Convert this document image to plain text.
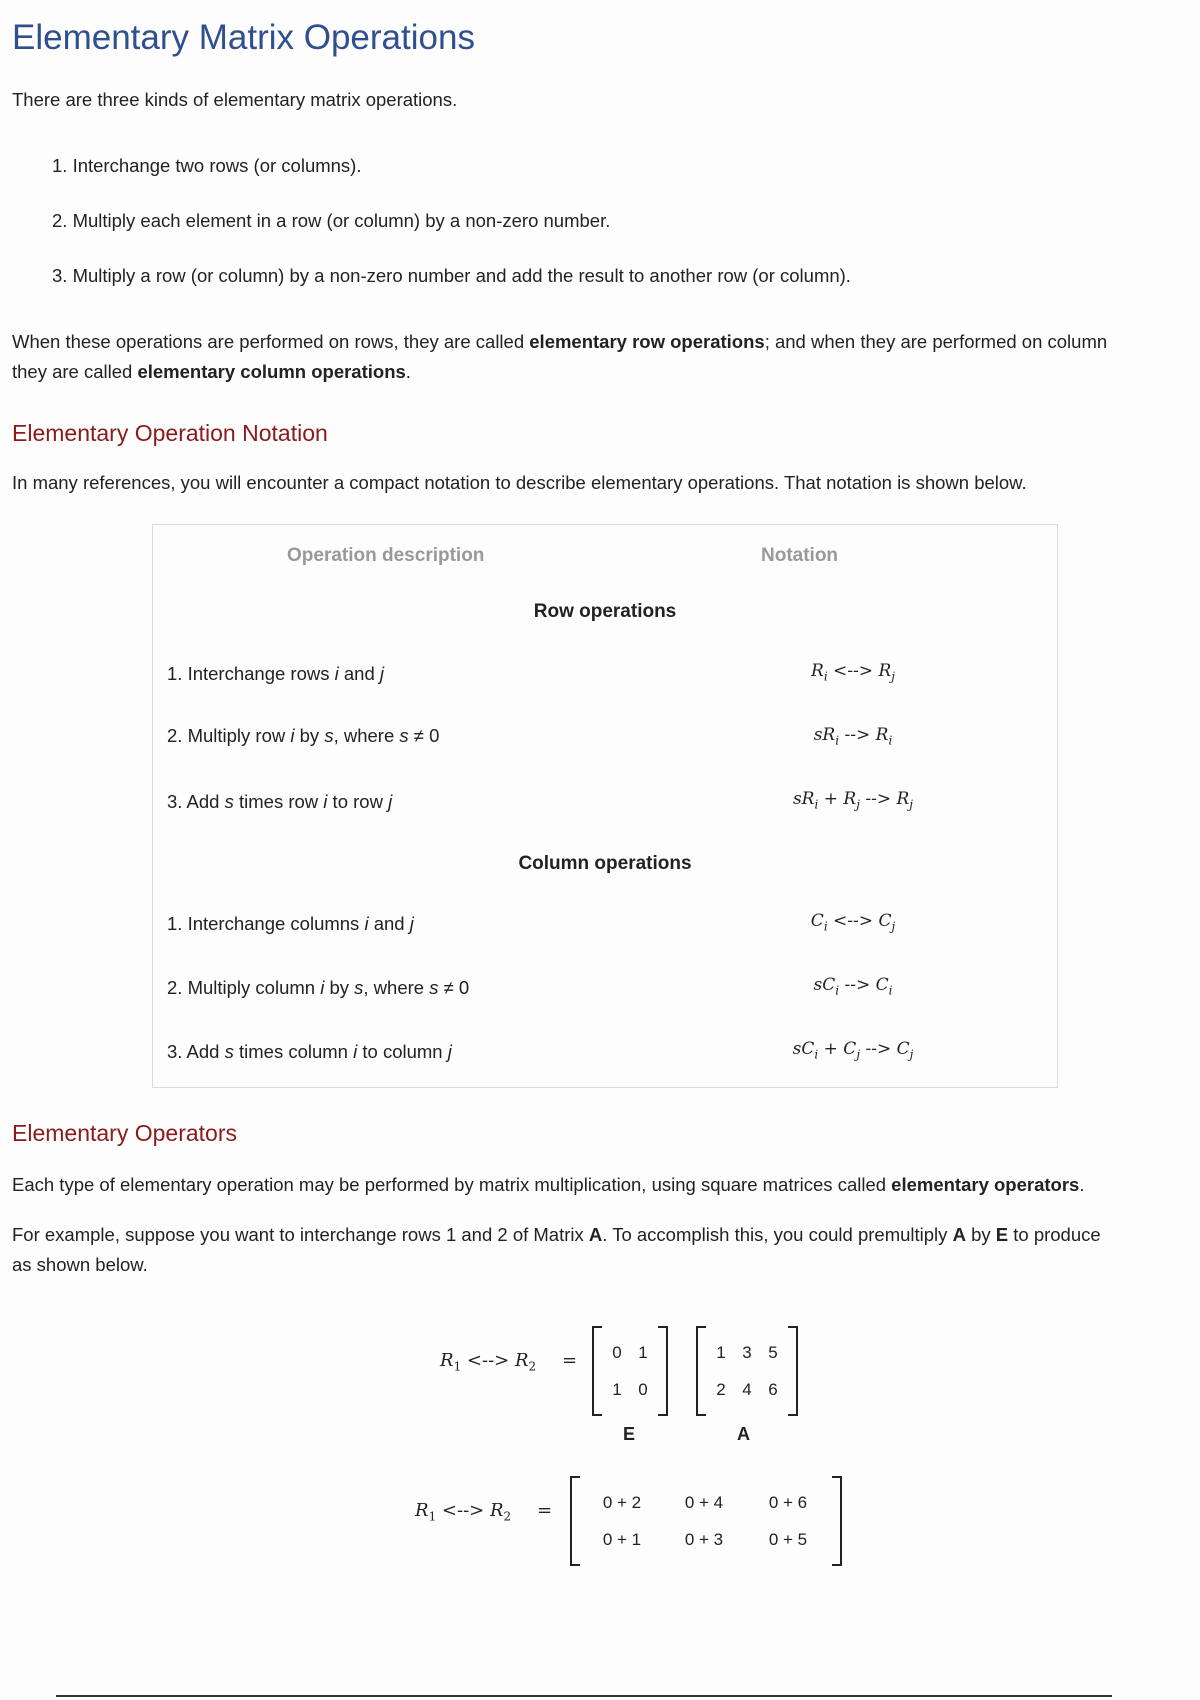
Elementary Matrix Operations

There are three kinds of elementary matrix operations.

1. Interchange two rows (or columns).
2. Multiply each element in a row (or column) by a non-zero number.
3. Multiply a row (or column) by a non-zero number and add the result to another row (or column).

When these operations are performed on rows, they are called elementary row operations; and when they are performed on column
they are called elementary column operations.

Elementary Operation Notation

In many references, you will encounter a compact notation to describe elementary operations. That notation is shown below.

Elementary Operators

Each type of elementary operation may be performed by matrix multiplication, using square matrices called elementary operators.

For example, suppose you want to interchange rows 1 and 2 of Matrix A. To accomplish this, you could premultiply A by E to produce
as shown below.

Operation description	Notation
Row operations
1. Interchange rows i and j	$R_i$ <--> $R_j$
2. Multiply row i by s, where s ≠ 0	$sR_i$ --> $R_i$
3. Add s times row i to row j	$sR_i + R_j$ --> $R_j$
Column operations
1. Interchange columns i and j	$C_i$ <--> $C_j$
2. Multiply column i by s, where s ≠ 0	$sC_i$ --> $C_i$
3. Add s times column i to column j	$sC_i + C_j$ --> $C_j$
$R_1$ <--> $R_2$ =	0 1
1 0
1 3 5
2 4 6
E	A
$R_1$ <--> $R_2$ =	0 + 2	0 + 4	0 + 6
0 + 1	0 + 3	0 + 5
